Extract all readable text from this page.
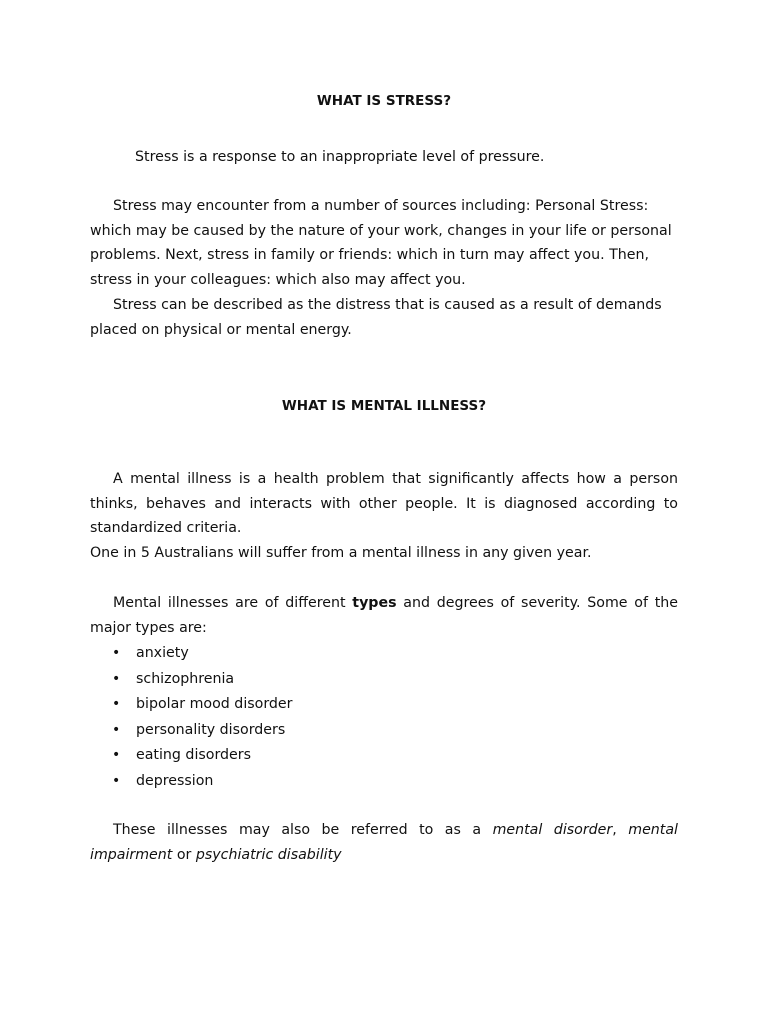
WHAT IS STRESS?

Stress is a response to an inappropriate level of pressure.

Stress may encounter from a number of sources including: Personal Stress:
which may be caused by the nature of your work, changes in your life or personal
problems. Next, stress in family or friends: which in turn may affect you. Then,
stress in your colleagues: which also may affect you.
Stress can be described as the distress that is caused as a result of demands
placed on physical or mental energy.
WHAT IS MENTAL ILLNESS?

A mental illness is a health problem that significantly affects how a person thinks, behaves and interacts with other people. It is diagnosed according to standardized criteria.

One in 5 Australians will suffer from a mental illness in any given year.

Mental illnesses are of different types and degrees of severity. Some of the major types are:

• anxiety
• schizophrenia
• bipolar mood disorder
• personality disorders
• eating disorders
• depression

These illnesses may also be referred to as a mental disorder, mental impairment or psychiatric disability
